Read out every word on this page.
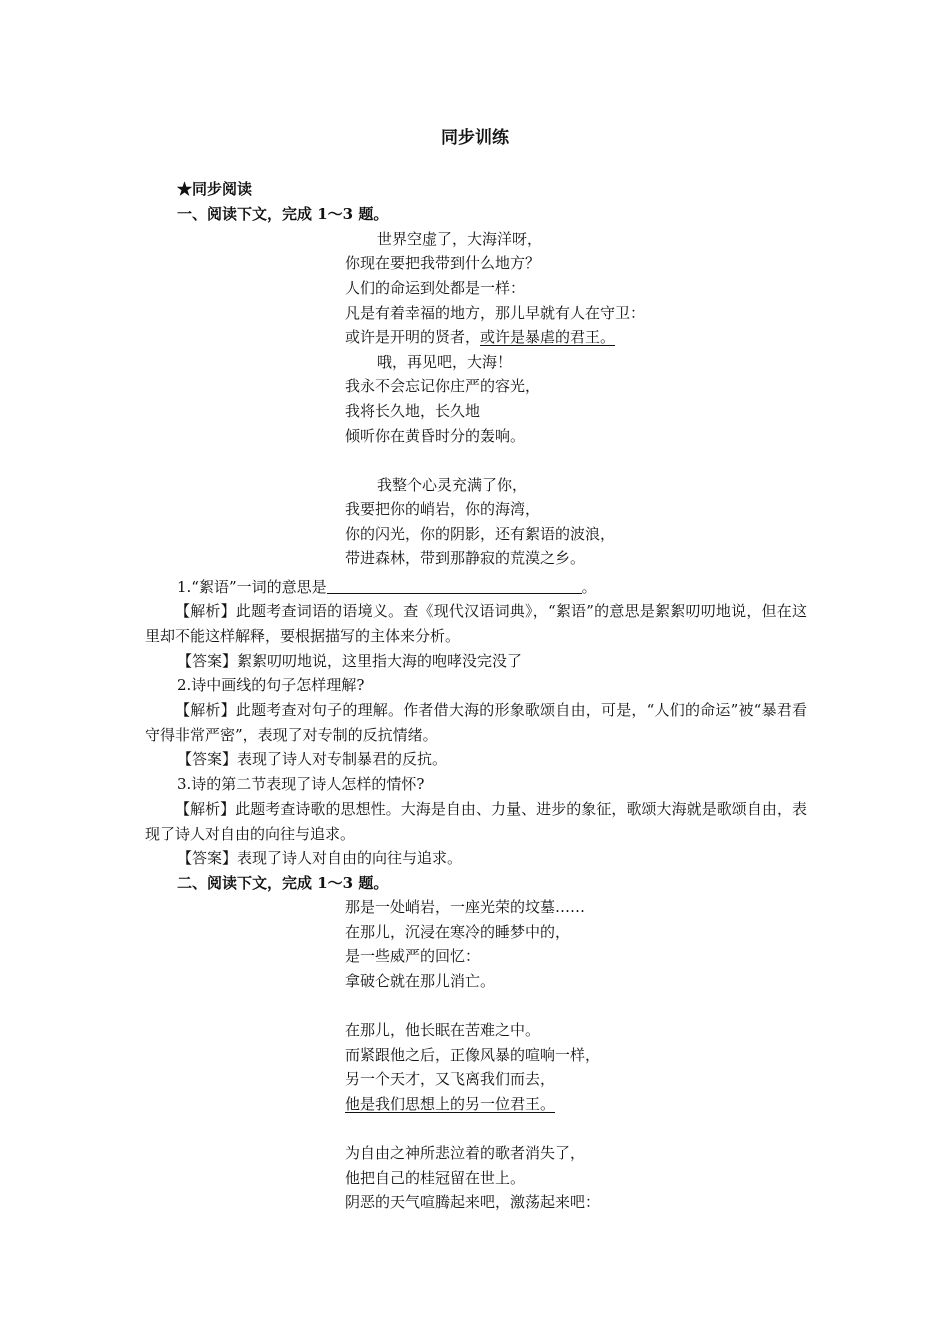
同步训练
★同步阅读
一、阅读下文，完成 1～3 题。
世界空虚了，大海洋呀，
你现在要把我带到什么地方？
人们的命运到处都是一样：
凡是有着幸福的地方，那儿早就有人在守卫：
或许是开明的贤者，或许是暴虐的君王。
哦，再见吧，大海！
我永不会忘记你庄严的容光，
我将长久地，长久地
倾听你在黄昏时分的轰响。
我整个心灵充满了你，
我要把你的峭岩，你的海湾，
你的闪光，你的阴影，还有絮语的波浪，
带进森林，带到那静寂的荒漠之乡。
1.“絮语”一词的意思是	。
【解析】此题考查词语的语境义。查《现代汉语词典》，“絮语”的意思是絮絮叨叨地说，但在这里却不能这样解释，要根据描写的主体来分析。
【答案】絮絮叨叨地说，这里指大海的咆哮没完没了
2.诗中画线的句子怎样理解?
【解析】此题考查对句子的理解。作者借大海的形象歌颂自由，可是，“人们的命运”被“暴君看守得非常严密”，表现了对专制的反抗情绪。
【答案】表现了诗人对专制暴君的反抗。
3.诗的第二节表现了诗人怎样的情怀?
【解析】此题考查诗歌的思想性。大海是自由、力量、进步的象征，歌颂大海就是歌颂自由，表现了诗人对自由的向往与追求。
【答案】表现了诗人对自由的向往与追求。
二、阅读下文，完成 1～3 题。
那是一处峭岩，一座光荣的坟墓……
在那儿，沉浸在寒冷的睡梦中的，
是一些威严的回忆：
拿破仑就在那儿消亡。
在那儿，他长眠在苦难之中。
而紧跟他之后，正像风暴的喧响一样，
另一个天才，又飞离我们而去，
他是我们思想上的另一位君王。
为自由之神所悲泣着的歌者消失了，
他把自己的桂冠留在世上。
阴恶的天气喧腾起来吧，激荡起来吧：
